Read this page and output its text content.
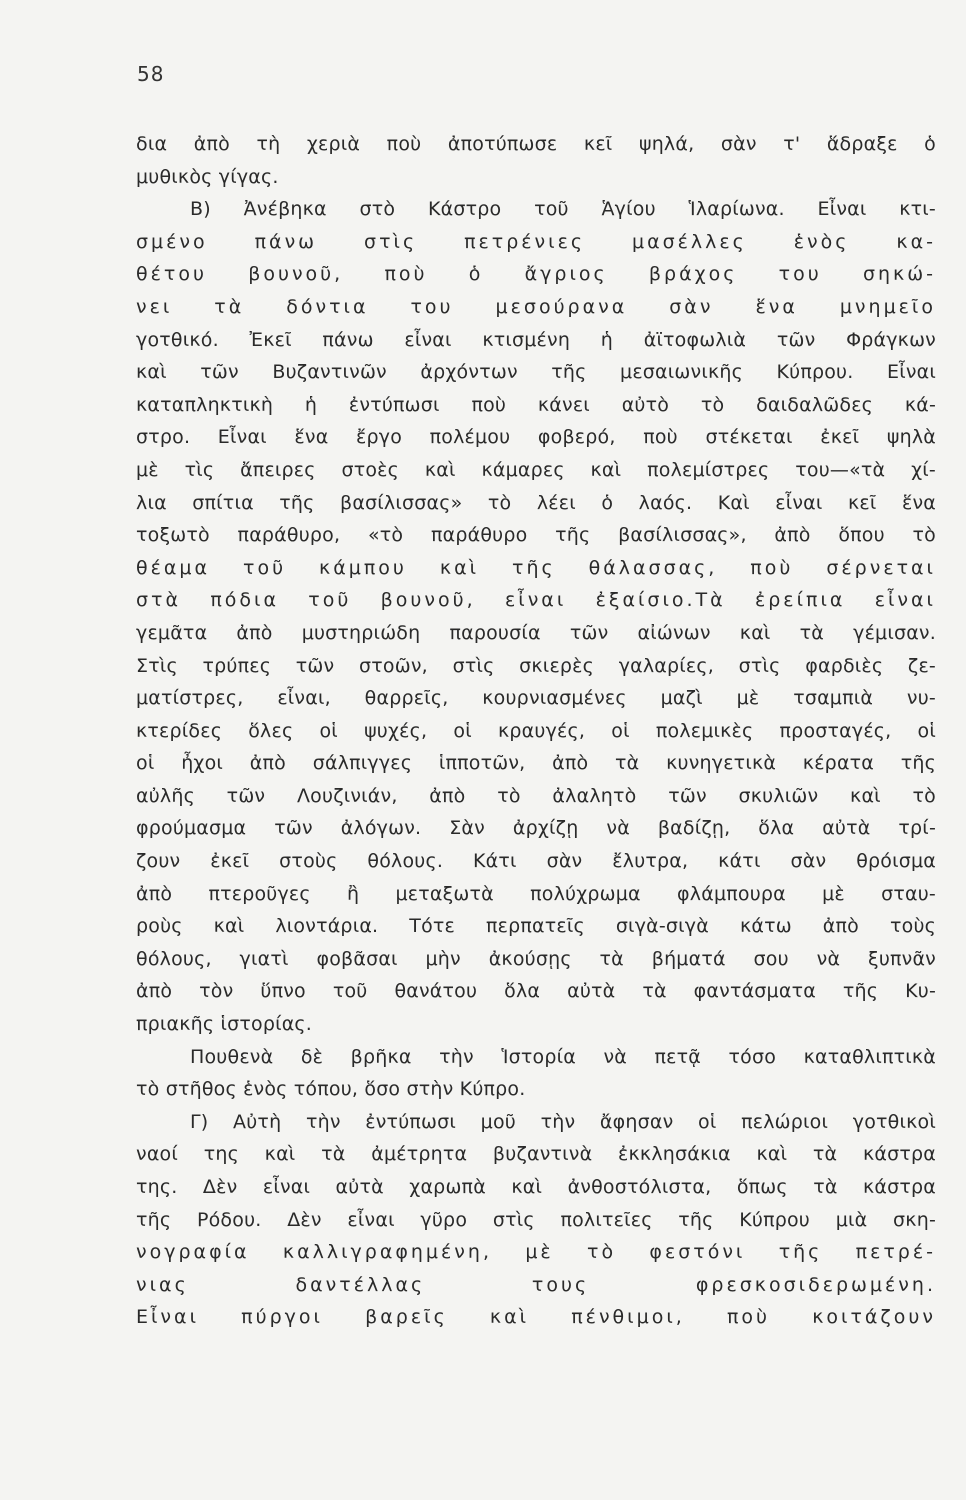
58
δια ἀπὸ τὴ χεριὰ ποὺ ἀποτύπωσε κεῖ ψηλά, σὰν τ' ἅδραξε ὁ
μυθικὸς γίγας.
Β) Ἀνέβηκα στὸ Κάστρο τοῦ Ἁγίου Ἱλαρίωνα. Εἶναι κτι-
σμένο πάνω στὶς πετρένιες μασέλλες ἑνὸς κα-
θέτου βουνοῦ, ποὺ ὁ ἄγριος βράχος του σηκώ-
νει τὰ δόντια του μεσούρανα σὰν ἕνα μνημεῖο
γοτθικό. Ἐκεῖ πάνω εἶναι κτισμένη ἡ ἀϊτοφωλιὰ τῶν Φράγκων
καὶ τῶν Βυζαντινῶν ἀρχόντων τῆς μεσαιωνικῆς Κύπρου. Εἶναι
καταπληκτικὴ ἡ ἐντύπωσι ποὺ κάνει αὐτὸ τὸ δαιδαλῶδες κά-
στρο. Εἶναι ἕνα ἔργο πολέμου φοβερό, ποὺ στέκεται ἐκεῖ ψηλὰ
μὲ τὶς ἄπειρες στοὲς καὶ κάμαρες καὶ πολεμίστρες του—«τὰ χί-
λια σπίτια τῆς βασίλισσας» τὸ λέει ὁ λαός. Καὶ εἶναι κεῖ ἕνα
τοξωτὸ παράθυρο, «τὸ παράθυρο τῆς βασίλισσας», ἀπὸ ὅπου τὸ
θέαμα τοῦ κάμπου καὶ τῆς θάλασσας, ποὺ σέρνεται
στὰ πόδια τοῦ βουνοῦ, εἶναι ἐξαίσιο.Τὰ ἐρείπια εἶναι
γεμᾶτα ἀπὸ μυστηριώδη παρουσία τῶν αἰώνων καὶ τὰ γέμισαν.
Στὶς τρύπες τῶν στοῶν, στὶς σκιερὲς γαλαρίες, στὶς φαρδιὲς ζε-
ματίστρες, εἶναι, θαρρεῖς, κουρνιασμένες μαζὶ μὲ τσαμπιὰ νυ-
κτερίδες ὅλες οἱ ψυχές, οἱ κραυγές, οἱ πολεμικὲς προσταγές, οἱ
οἱ ἦχοι ἀπὸ σάλπιγγες ἱπποτῶν, ἀπὸ τὰ κυνηγετικὰ κέρατα τῆς
αὐλῆς τῶν Λουζινιάν, ἀπὸ τὸ ἀλαλητὸ τῶν σκυλιῶν καὶ τὸ
φρούμασμα τῶν ἀλόγων. Σὰν ἀρχίζῃ νὰ βαδίζῃ, ὅλα αὐτὰ τρί-
ζουν ἐκεῖ στοὺς θόλους. Κάτι σὰν ἔλυτρα, κάτι σὰν θρόισμα
ἀπὸ πτεροῦγες ἢ μεταξωτὰ πολύχρωμα φλάμπουρα μὲ σταυ-
ροὺς καὶ λιοντάρια. Τότε περπατεῖς σιγὰ-σιγὰ κάτω ἀπὸ τοὺς
θόλους, γιατὶ φοβᾶσαι μὴν ἀκούσῃς τὰ βήματά σου νὰ ξυπνᾶν
ἀπὸ τὸν ὕπνο τοῦ θανάτου ὅλα αὐτὰ τὰ φαντάσματα τῆς Κυ-
πριακῆς ἱστορίας.
Πουθενὰ δὲ βρῆκα τὴν Ἱστορία νὰ πετᾷ τόσο καταθλιπτικὰ
τὸ στῆθος ἑνὸς τόπου, ὅσο στὴν Κύπρο.
Γ) Αὐτὴ τὴν ἐντύπωσι μοῦ τὴν ἄφησαν οἱ πελώριοι γοτθικοὶ
ναοί της καὶ τὰ ἀμέτρητα βυζαντινὰ ἐκκλησάκια καὶ τὰ κάστρα
της. Δὲν εἶναι αὐτὰ χαρωπὰ καὶ ἀνθοστόλιστα, ὅπως τὰ κάστρα
τῆς Ρόδου. Δὲν εἶναι γῦρο στὶς πολιτεῖες τῆς Κύπρου μιὰ σκη-
νογραφία καλλιγραφημένη, μὲ τὸ φεστόνι τῆς πετρέ-
νιας δαντέλλας τους φρεσκοσιδερωμένη.
Εἶναι πύργοι βαρεῖς καὶ πένθιμοι, ποὺ κοιτάζουν
